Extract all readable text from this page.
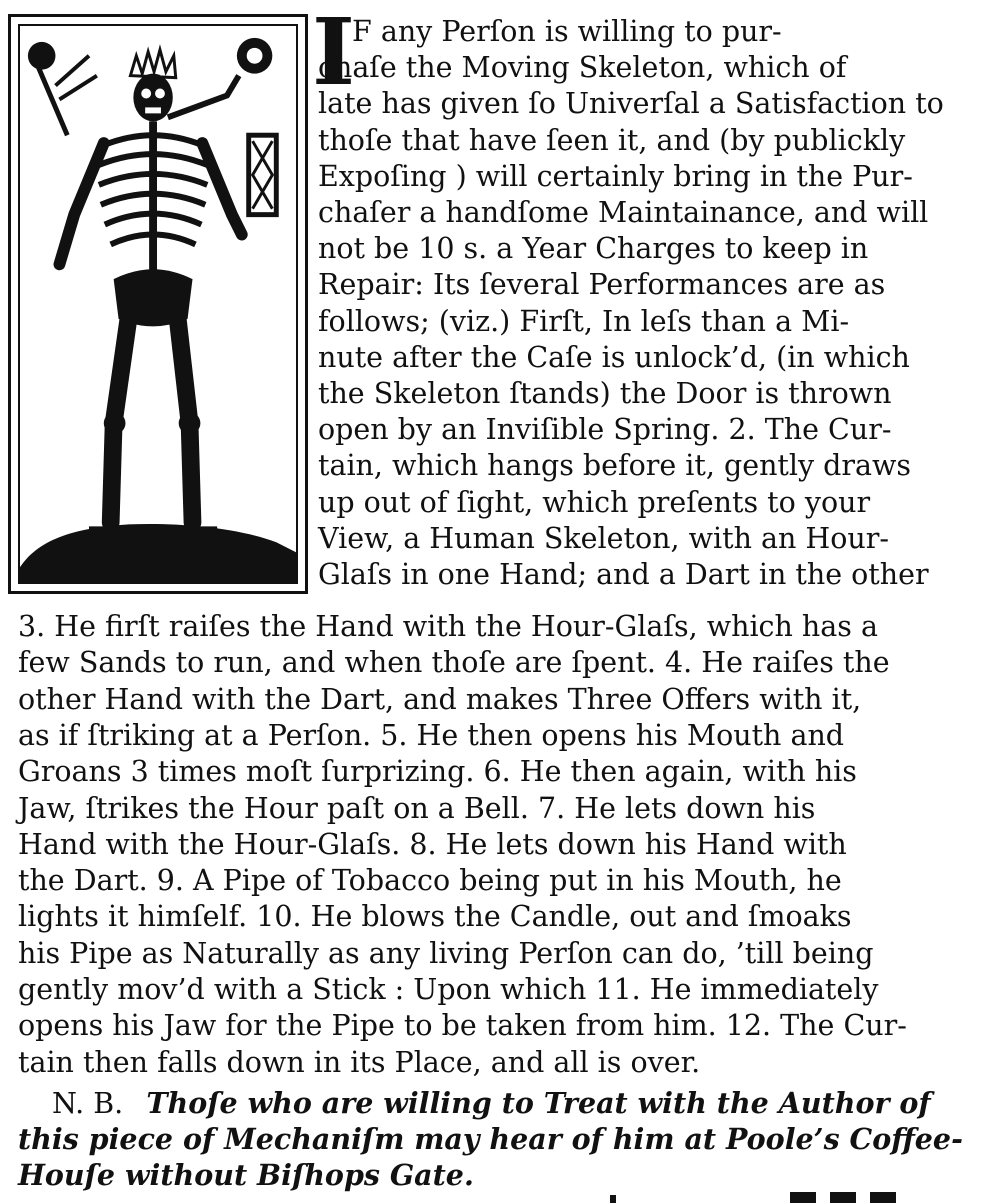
I
F any Perſon is willing to pur-
chaſe the Moving Skeleton, which of
late has given ſo Univerſal a Satisfaction to
thoſe that have ſeen it, and (by publickly
Expoſing ) will certainly bring in the Pur-
chaſer a handſome Maintainance, and will
not be 10 s. a Year Charges to keep in
Repair: Its ſeveral Performances are as
follows; (viz.) Firſt, In leſs than a Mi-
nute after the Caſe is unlock’d, (in which
the Skeleton ſtands) the Door is thrown
open by an Inviſible Spring. 2. The Cur-
tain, which hangs before it, gently draws
up out of ſight, which preſents to your
View, a Human Skeleton, with an Hour-
Glaſs in one Hand; and a Dart in the other
3. He firſt raiſes the Hand with the Hour-Glaſs, which has a
few Sands to run, and when thoſe are ſpent. 4. He raiſes the
other Hand with the Dart, and makes Three Offers with it,
as if ſtriking at a Perſon. 5. He then opens his Mouth and
Groans 3 times moſt ſurprizing. 6. He then again, with his
Jaw, ſtrikes the Hour paſt on a Bell. 7. He lets down his
Hand with the Hour-Glaſs. 8. He lets down his Hand with
the Dart. 9. A Pipe of Tobacco being put in his Mouth, he
lights it himſelf. 10. He blows the Candle, out and ſmoaks
his Pipe as Naturally as any living Perſon can do, ’till being
gently mov’d with a Stick : Upon which 11. He immediately
opens his Jaw for the Pipe to be taken from him. 12. The Cur-
tain then falls down in its Place, and all is over.
N. B. Thoſe who are willing to Treat with the Author of
this piece of Mechaniſm may hear of him at Poole’s Coffee-
Houſe without Biſhops Gate.
